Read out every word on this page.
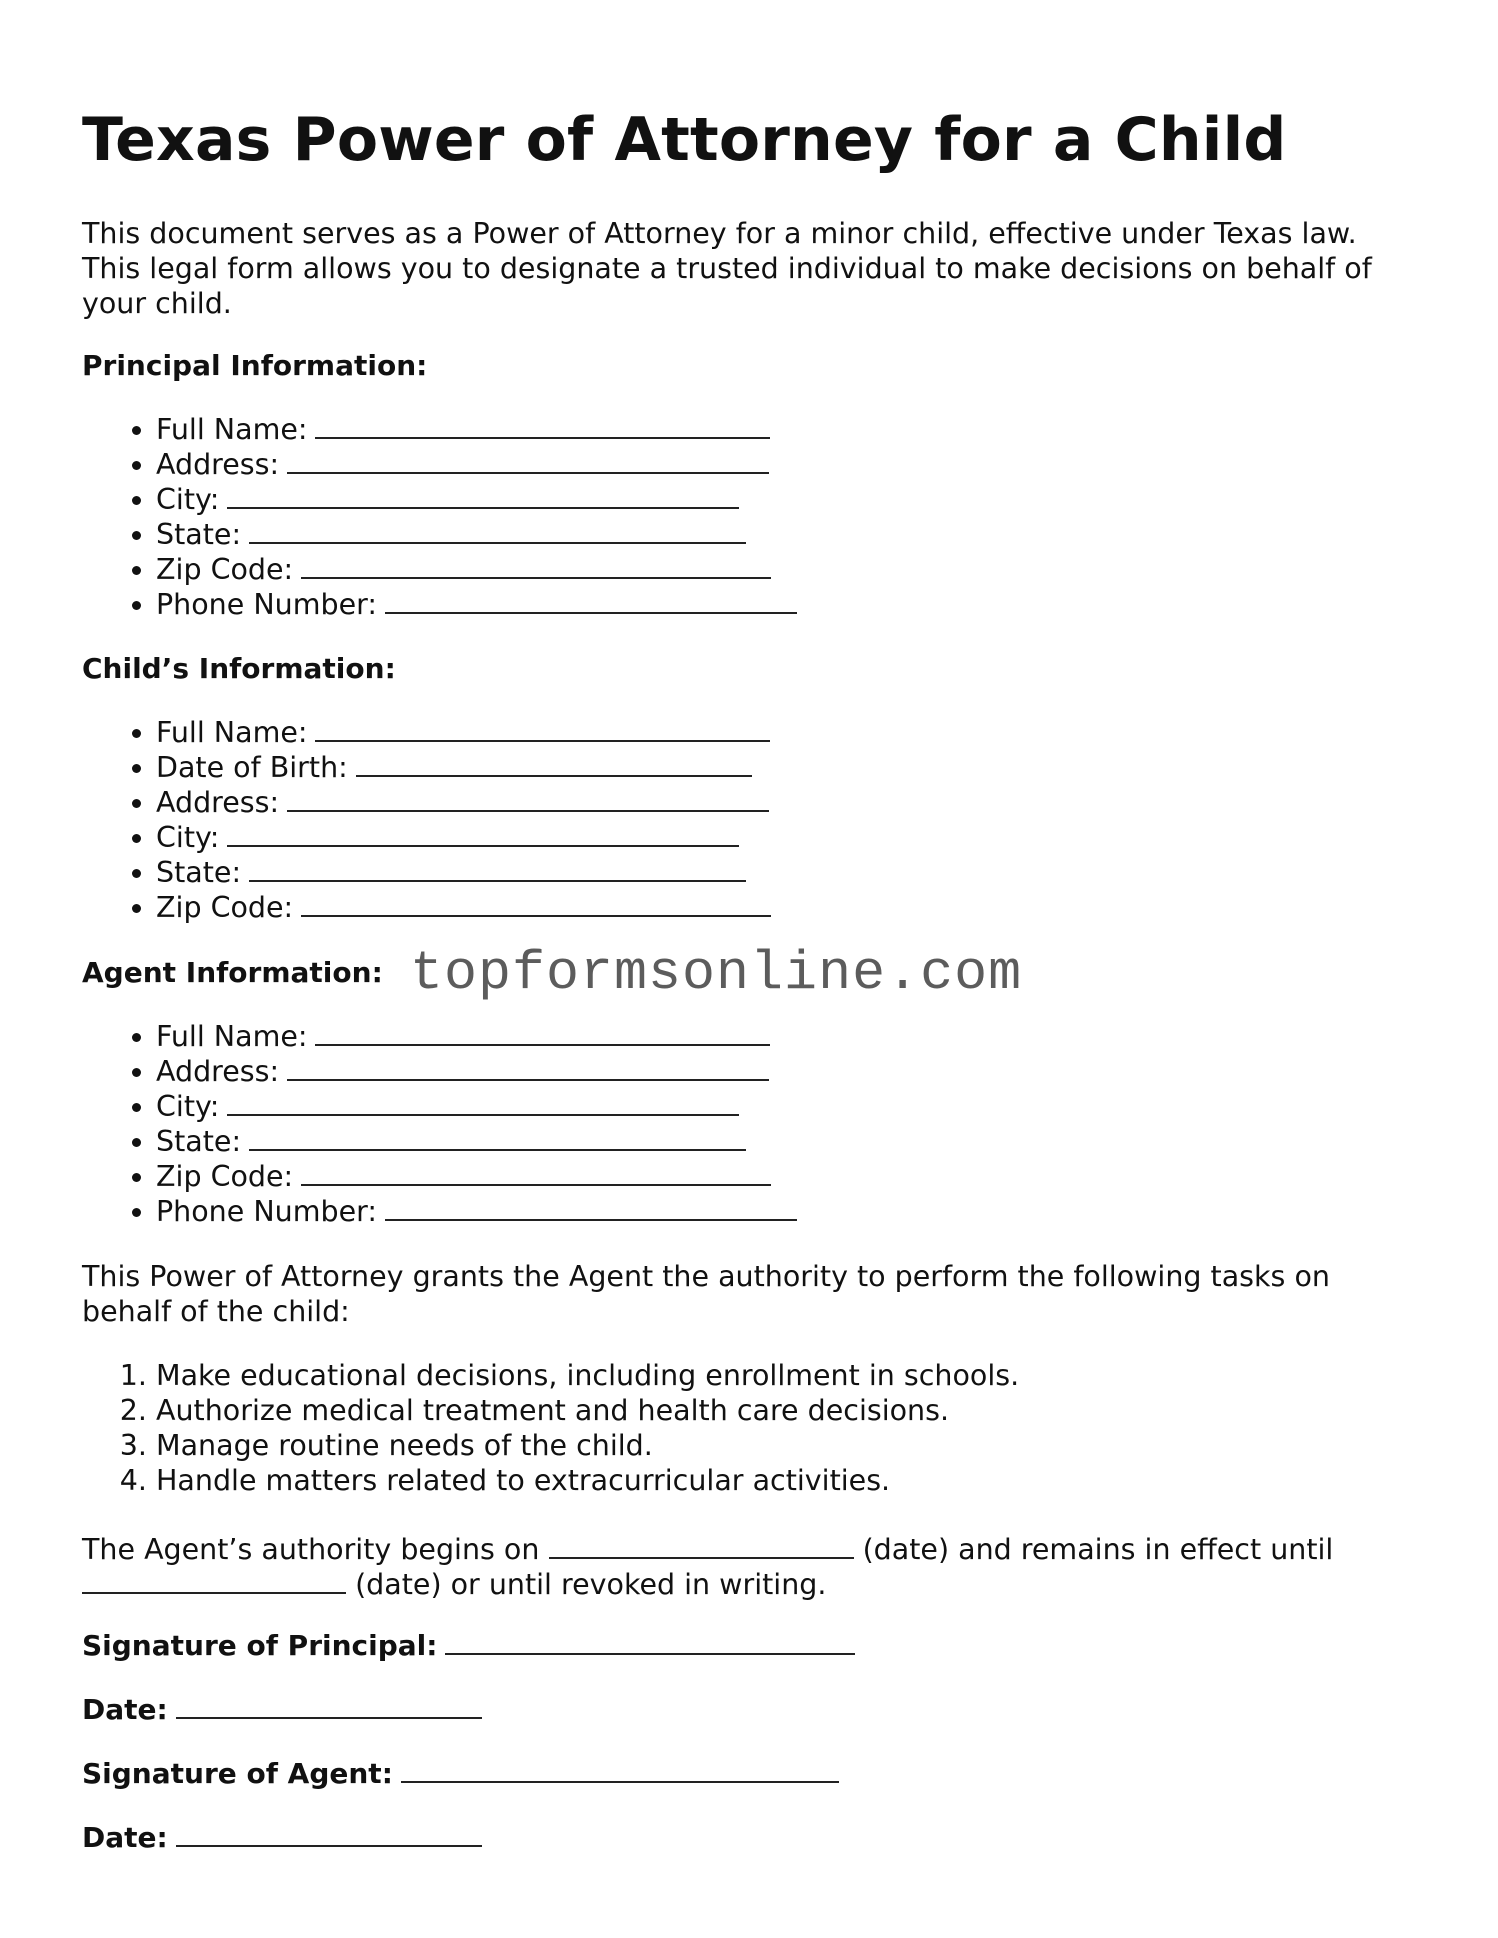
Texas Power of Attorney for a Child

This document serves as a Power of Attorney for a minor child, effective under Texas law. This legal form allows you to designate a trusted individual to make decisions on behalf of your child.

Principal Information:
• Full Name:
• Address:
• City:
• State:
• Zip Code:
• Phone Number:
Child’s Information:
• Full Name:
• Date of Birth:
• Address:
• City:
• State:
• Zip Code:
Agent Information:
• Full Name:
• Address:
• City:
• State:
• Zip Code:
• Phone Number:

This Power of Attorney grants the Agent the authority to perform the following tasks on behalf of the child:

1. Make educational decisions, including enrollment in schools.
2. Authorize medical treatment and health care decisions.
3. Manage routine needs of the child.
4. Handle matters related to extracurricular activities.

The Agent’s authority begins on	(date) and remains in effect until  (date) or until revoked in writing.

Signature of Principal:

Date:

Signature of Agent:

Date:

topformsonline.com
